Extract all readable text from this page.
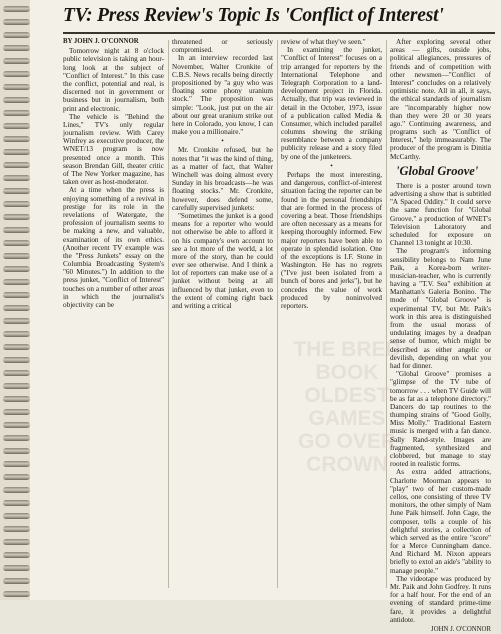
TV: Press Review's Topic Is 'Conflict of Interest'
THE BRED BOOK OLDEST GAMES GO OVER CROWN

BY JOHN J. O'CONNOR

Tomorrow night at 8 o'clock public television is taking an hour-long look at the subject of "Conflict of Interest." In this case the conflict, potential and real, is discerned not in government or business but in journalism, both print and electronic.

The vehicle is "Behind the Lines," TV's only regular journalism review. With Carey Winfrey as executive producer, the WNET/13 program is now presented once a month. This season Brendan Gill, theater critic of The New Yorker magazine, has taken over as host-moderator.

At a time when the press is enjoying something of a revival in prestige for its role in the revelations of Watergate, the profession of journalism seems to be making a new, and valuable, examination of its own ethics. (Another recent TV example was the "Press Junkets" essay on the Columbia Broadcasting System's "60 Minutes.") In addition to the press junket, "Conflict of Interest" touches on a number of other areas in which the journalist's objectivity can be

threatened or seriously compromised.

In an interview recorded last November, Walter Cronkite of C.B.S. News recalls being directly propositioned by "a guy who was floating some phony uranium stock." The proposition was simple: "Look, just put on the air about our great uranium strike out here in Colorado, you know, I can make you a millionaire."

•

Mr. Cronkite refused, but he notes that "it was the kind of thing, as a matter of fact, that Walter Winchell was doing almost every Sunday in his broadcasts—he was floating stocks." Mr. Cronkite, however, does defend some, carefully supervised junkets:

"Sometimes the junket is a good means for a reporter who would not otherwise be able to afford it on his company's own account to see a lot more of the world, a lot more of the story, than he could ever see otherwise. And I think a lot of reporters can make use of a junket without being at all influenced by that junket, even to the extent of coming right back and writing a critical

review of what they've seen."

In examining the junket, "Conflict of Interest" focuses on a trip arranged for reporters by the International Telephone and Telegraph Corporation to a land-development project in Florida. Actually, that trip was reviewed in detail in the October, 1973, issue of a publication called Media & Consumer, which included parallel columns showing the striking resemblance between a company publicity release and a story filed by one of the junketeers.

•

Perhaps the most interesting, and dangerous, conflict-of-interest situation facing the reporter can be found in the personal friendships that are formed in the process of covering a beat. Those friendships are often necessary as a means for keeping thoroughly informed. Few major reporters have been able to operate in splendid isolation. One of the exceptions is I.F. Stone in Washington. He has no regrets ("I've just been isolated from a bunch of bores and jerks"), but he concedes the value of work produced by noninvolved reporters.

After exploring several other areas — gifts, outside jobs, political allegiances, pressures of friends and of competition with other newsmen—"Conflict of Interest" concludes on a relatively optimistic note. All in all, it says, the ethical standards of journalism are "incomparably higher now than they were 20 or 30 years ago." Continuing awareness, and programs such as "Conflict of Interest," help immeasurably. The producer of the program is Dinitia McCarthy.

'Global Groove'

There is a poster around town advertising a show that is subtitled "A Spaced Oddity." It could serve the same function for "Global Groove," a production of WNET's Television Laboratory and scheduled for exposure on Channel 13 tonight at 10:30.

The program's informing sensibility belongs to Nam June Paik, a Korea-born writer-musician-teacher, who is currently having a "T.V. Sea" exhibition at Manhattan's Galeria Bonino. The mode of "Global Groove" is experimental TV, but Mr. Paik's work in this area is distinguished from the usual morass of undulating images by a deadpan sense of humor, which might be described as either angelic or devilish, depending on what you had for dinner.

"Global Groove" promises a "glimpse of the TV tube of tomorrow . . . when TV Guide will be as fat as a telephone directory." Dancers do tap routines to the thumping strains of "Good Golly, Miss Molly." Traditional Eastern music is merged with a fan dance. Sally Rand-style. Images are fragmented, synthesized and clobbered, but manage to stay rooted in realistic forms.

As extra added attractions, Charlotte Moorman appears to "play" two of her custom-made cellos, one consisting of three TV monitors, the other simply of Nam June Paik himself. John Cage, the composer, tells a couple of his delightful stories, a collection of which served as the entire "score" for a Merce Cunningham dance. And Richard M. Nixon appears briefly to extol an aide's "ability to manage people."

The videotape was produced by Mr. Paik and John Godfrey. It runs for a half hour. For the end of an evening of standard prime-time fare, it provides a delightful antidote.

JOHN J. O'CONNOR
